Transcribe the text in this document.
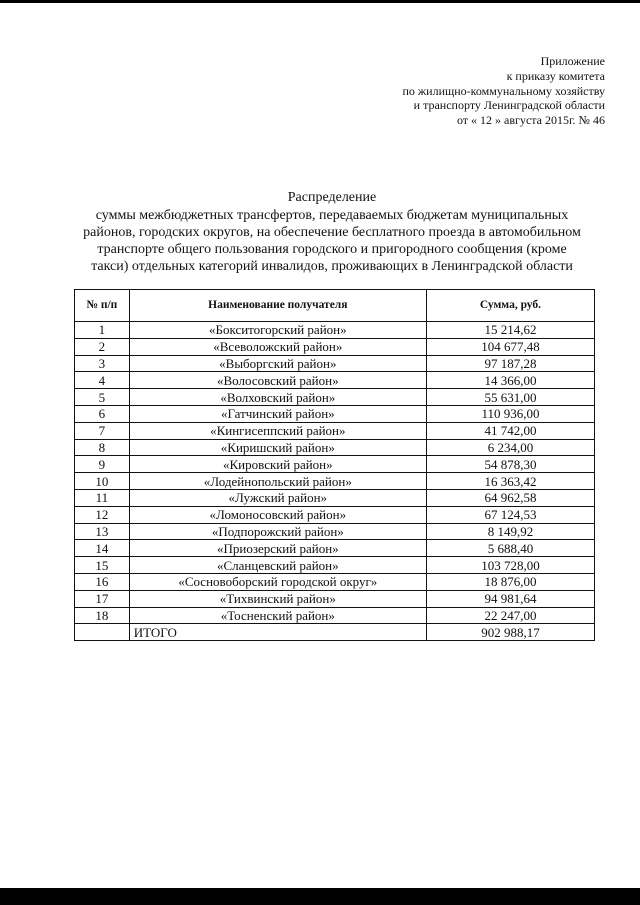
Приложение
к приказу комитета
по жилищно-коммунальному хозяйству
и транспорту Ленинградской области
от « 12 » августа 2015г. № 46
Распределение
суммы межбюджетных трансфертов, передаваемых бюджетам муниципальных
районов, городских округов, на обеспечение бесплатного проезда в автомобильном
транспорте общего пользования городского и пригородного сообщения (кроме
такси) отдельных категорий инвалидов, проживающих в Ленинградской области
№ п/п	Наименование получателя	Сумма, руб.
1	«Бокситогорский район»	15 214,62
2	«Всеволожский район»	104 677,48
3	«Выборгский район»	97 187,28
4	«Волосовский район»	14 366,00
5	«Волховский район»	55 631,00
6	«Гатчинский район»	110 936,00
7	«Кингисеппский район»	41 742,00
8	«Киришский район»	6 234,00
9	«Кировский район»	54 878,30
10	«Лодейнопольский район»	16 363,42
11	«Лужский район»	64 962,58
12	«Ломоносовский район»	67 124,53
13	«Подпорожский район»	8 149,92
14	«Приозерский район»	5 688,40
15	«Сланцевский район»	103 728,00
16	«Сосновоборский городской округ»	18 876,00
17	«Тихвинский район»	94 981,64
18	«Тосненский район»	22 247,00
	ИТОГО	902 988,17
